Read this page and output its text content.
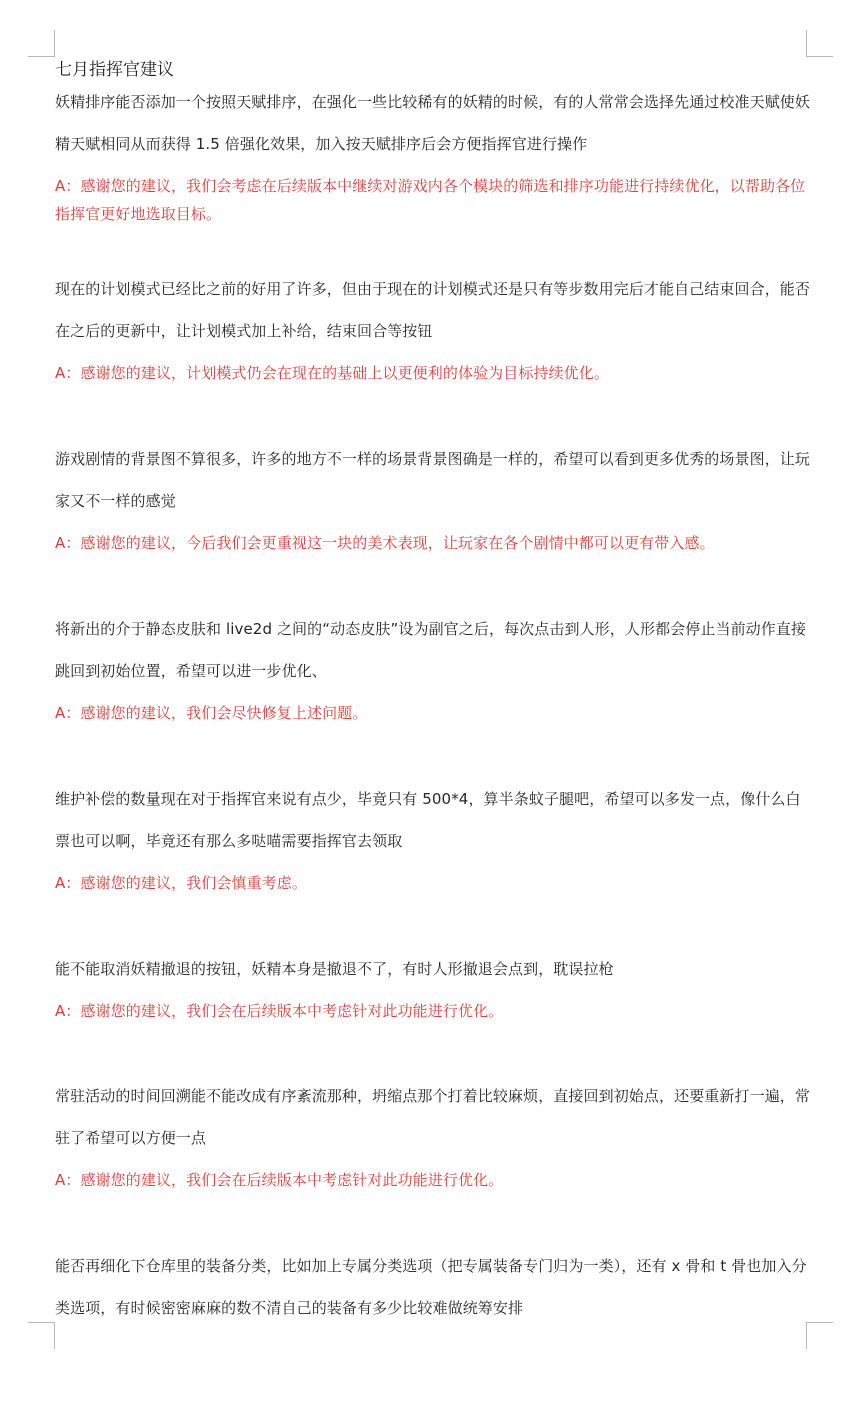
七月指挥官建议

妖精排序能否添加一个按照天赋排序，在强化一些比较稀有的妖精的时候，有的人常常会选择先通过校准天赋使妖精天赋相同从而获得 1.5 倍强化效果，加入按天赋排序后会方便指挥官进行操作

A：感谢您的建议，我们会考虑在后续版本中继续对游戏内各个模块的筛选和排序功能进行持续优化，以帮助各位指挥官更好地选取目标。

现在的计划模式已经比之前的好用了许多，但由于现在的计划模式还是只有等步数用完后才能自己结束回合，能否在之后的更新中，让计划模式加上补给，结束回合等按钮

A：感谢您的建议，计划模式仍会在现在的基础上以更便利的体验为目标持续优化。

游戏剧情的背景图不算很多，许多的地方不一样的场景背景图确是一样的，希望可以看到更多优秀的场景图，让玩家又不一样的感觉

A：感谢您的建议，今后我们会更重视这一块的美术表现，让玩家在各个剧情中都可以更有带入感。

将新出的介于静态皮肤和 live2d 之间的“动态皮肤”设为副官之后，每次点击到人形，人形都会停止当前动作直接跳回到初始位置，希望可以进一步优化、

A：感谢您的建议，我们会尽快修复上述问题。

维护补偿的数量现在对于指挥官来说有点少，毕竟只有 500*4，算半条蚊子腿吧，希望可以多发一点，像什么白票也可以啊，毕竟还有那么多哒喵需要指挥官去领取

A：感谢您的建议，我们会慎重考虑。

能不能取消妖精撤退的按钮，妖精本身是撤退不了，有时人形撤退会点到，耽误拉枪

A：感谢您的建议，我们会在后续版本中考虑针对此功能进行优化。

常驻活动的时间回溯能不能改成有序紊流那种，坍缩点那个打着比较麻烦，直接回到初始点，还要重新打一遍，常驻了希望可以方便一点

A：感谢您的建议，我们会在后续版本中考虑针对此功能进行优化。

能否再细化下仓库里的装备分类，比如加上专属分类选项（把专属装备专门归为一类），还有 x 骨和 t 骨也加入分类选项，有时候密密麻麻的数不清自己的装备有多少比较难做统筹安排
